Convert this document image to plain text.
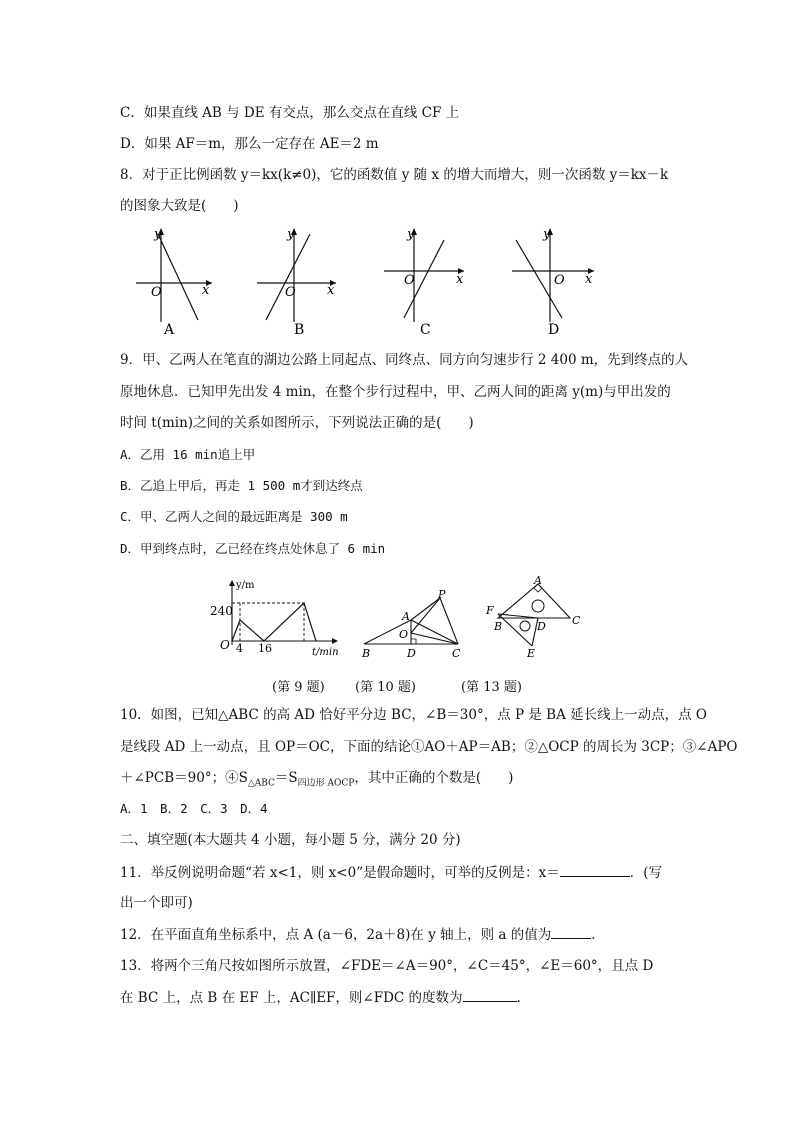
C．如果直线 AB 与 DE 有交点，那么交点在直线 CF 上
D．如果 AF＝m，那么一定存在 AE＝2 m
8．对于正比例函数 y＝kx(k≠0)，它的函数值 y 随 x 的增大而增大，则一次函数 y＝kx－k
的图象大致是(　　)
y
x
O
A
y
x
O
B
y
x
O
C
y
x
O
D
9．甲、乙两人在笔直的湖边公路上同起点、同终点、同方向匀速步行 2 400 m，先到终点的人
原地休息．已知甲先出发 4 min，在整个步行过程中，甲、乙两人间的距离 y(m)与甲出发的
时间 t(min)之间的关系如图所示，下列说法正确的是(　　)
A．乙用 16 min追上甲
B．乙追上甲后，再走 1 500 m才到达终点
C．甲、乙两人之间的最远距离是 300 m
D．甲到终点时，乙已经在终点处休息了 6 min
y/m
t/min
O
240
4 16
P
A
O
B	D	C
A
F
B	D C
E
(第 9 题) (第 10 题)	(第 13 题)
10．如图，已知△ABC 的高 AD 恰好平分边 BC，∠B＝30°，点 P 是 BA 延长线上一动点，点 O
是线段 AD 上一动点，且 OP＝OC，下面的结论①AO＋AP＝AB；②△OCP 的周长为 3CP；③∠APO
＋∠PCB＝90°；$④S_{\triangle ABC}=S_{四边形 AOCP}$，其中正确的个数是(　　)
A．1　B．2　C．3　D．4
二、填空题(本大题共 4 小题，每小题 5 分，满分 20 分)
11．举反例说明命题“若 x<1，则 x<0”是假命题时，可举的反例是：x＝	．(写
出一个即可)
12．在平面直角坐标系中，点 A (a－6，2a＋8)在 y 轴上，则 a 的值为	．
13．将两个三角尺按如图所示放置，∠FDE＝∠A＝90°，∠C＝45°，∠E＝60°，且点 D
在 BC 上，点 B 在 EF 上，AC∥EF，则∠FDC 的度数为	．
